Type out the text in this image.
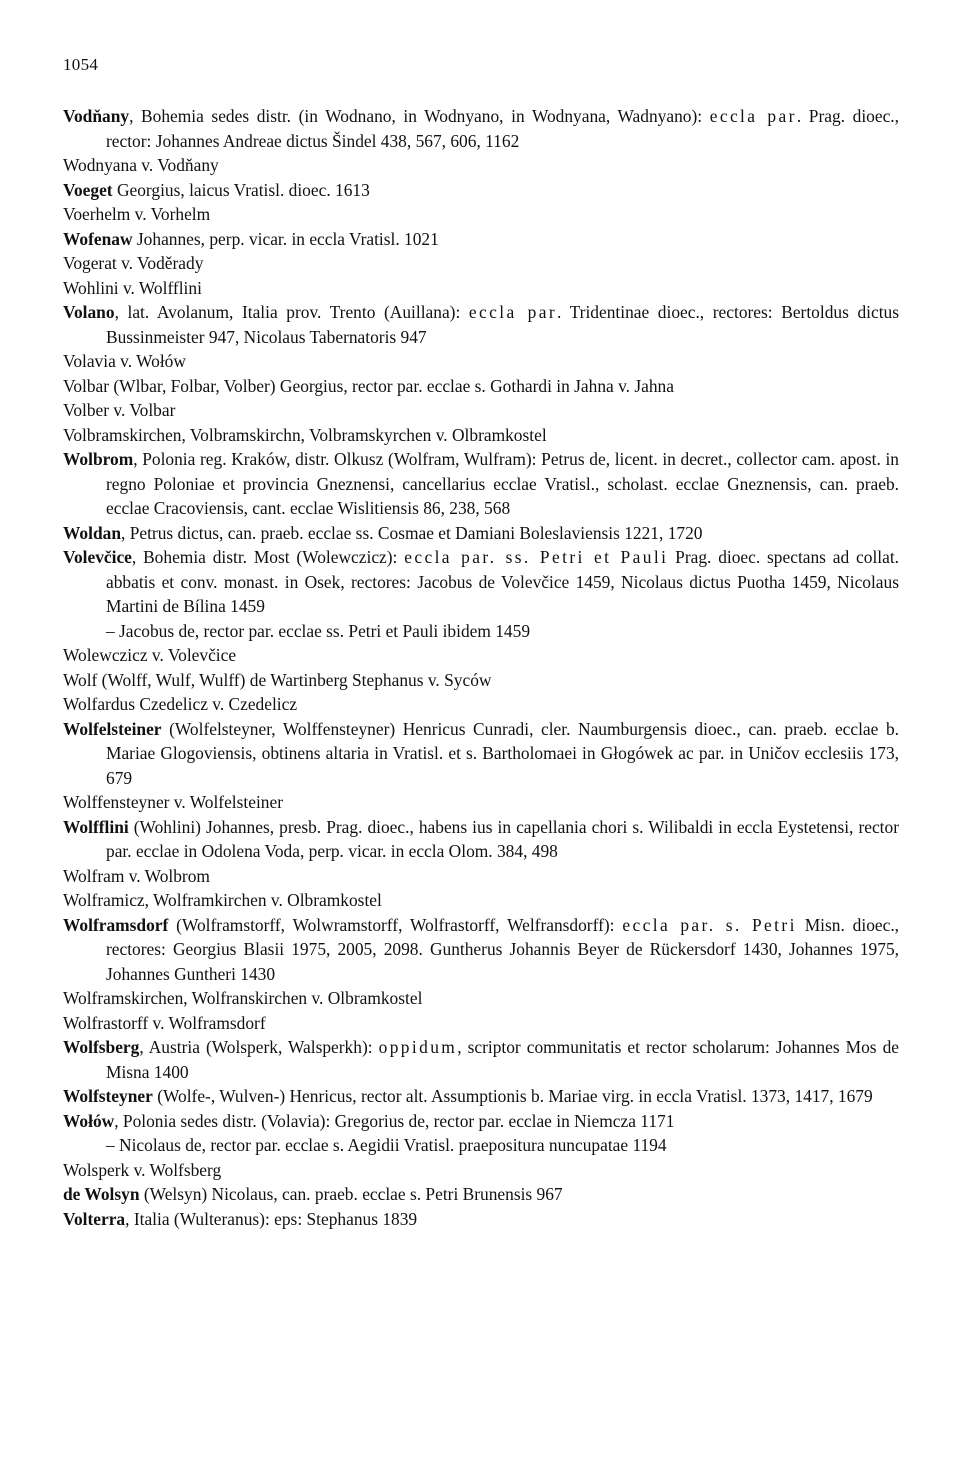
1054
Vodňany, Bohemia sedes distr. (in Wodnano, in Wodnyano, in Wodnyana, Wadnyano): eccla par. Prag. dioec., rector: Johannes Andreae dictus Šindel 438, 567, 606, 1162
Wodnyana v. Vodňany
Voeget Georgius, laicus Vratisl. dioec. 1613
Voerhelm v. Vorhelm
Wofenaw Johannes, perp. vicar. in eccla Vratisl. 1021
Vogerat v. Voděrady
Wohlini v. Wolfflini
Volano, lat. Avolanum, Italia prov. Trento (Auillana): eccla par. Tridentinae dioec., rectores: Bertoldus dictus Bussinmeister 947, Nicolaus Tabernatoris 947
Volavia v. Wołów
Volbar (Wlbar, Folbar, Volber) Georgius, rector par. ecclae s. Gothardi in Jahna v. Jahna
Volber v. Volbar
Volbramskirchen, Volbramskirchn, Volbramskyrchen v. Olbramkostel
Wolbrom, Polonia reg. Kraków, distr. Olkusz (Wolfram, Wulfram): Petrus de, licent. in decret., collector cam. apost. in regno Poloniae et provincia Gneznensi, cancellarius ecclae Vratisl., scholast. ecclae Gneznensis, can. praeb. ecclae Cracoviensis, cant. ecclae Wislitiensis 86, 238, 568
Woldan, Petrus dictus, can. praeb. ecclae ss. Cosmae et Damiani Boleslaviensis 1221, 1720
Volevčice, Bohemia distr. Most (Wolewczicz): eccla par. ss. Petri et Pauli Prag. dioec. spectans ad collat. abbatis et conv. monast. in Osek, rectores: Jacobus de Volevčice 1459, Nicolaus dictus Puotha 1459, Nicolaus Martini de Bílina 1459
– Jacobus de, rector par. ecclae ss. Petri et Pauli ibidem 1459
Wolewczicz v. Volevčice
Wolf (Wolff, Wulf, Wulff) de Wartinberg Stephanus v. Syców
Wolfardus Czedelicz v. Czedelicz
Wolfelsteiner (Wolfelsteyner, Wolffensteyner) Henricus Cunradi, cler. Naumburgensis dioec., can. praeb. ecclae b. Mariae Glogoviensis, obtinens altaria in Vratisl. et s. Bartholomaei in Głogówek ac par. in Uničov ecclesiis 173, 679
Wolffensteyner v. Wolfelsteiner
Wolfflini (Wohlini) Johannes, presb. Prag. dioec., habens ius in capellania chori s. Wilibaldi in eccla Eystetensi, rector par. ecclae in Odolena Voda, perp. vicar. in eccla Olom. 384, 498
Wolfram v. Wolbrom
Wolframicz, Wolframkirchen v. Olbramkostel
Wolframsdorf (Wolframstorff, Wolwramstorff, Wolfrastorff, Welfransdorff): eccla par. s. Petri Misn. dioec., rectores: Georgius Blasii 1975, 2005, 2098. Guntherus Johannis Beyer de Rückersdorf 1430, Johannes 1975, Johannes Guntheri 1430
Wolframskirchen, Wolfranskirchen v. Olbramkostel
Wolfrastorff v. Wolframsdorf
Wolfsberg, Austria (Wolsperk, Walsperkh): oppidum, scriptor communitatis et rector scholarum: Johannes Mos de Misna 1400
Wolfsteyner (Wolfe-, Wulven-) Henricus, rector alt. Assumptionis b. Mariae virg. in eccla Vratisl. 1373, 1417, 1679
Wołów, Polonia sedes distr. (Volavia): Gregorius de, rector par. ecclae in Niemcza 1171
– Nicolaus de, rector par. ecclae s. Aegidii Vratisl. praepositura nuncupatae 1194
Wolsperk v. Wolfsberg
de Wolsyn (Welsyn) Nicolaus, can. praeb. ecclae s. Petri Brunensis 967
Volterra, Italia (Wulteranus): eps: Stephanus 1839
